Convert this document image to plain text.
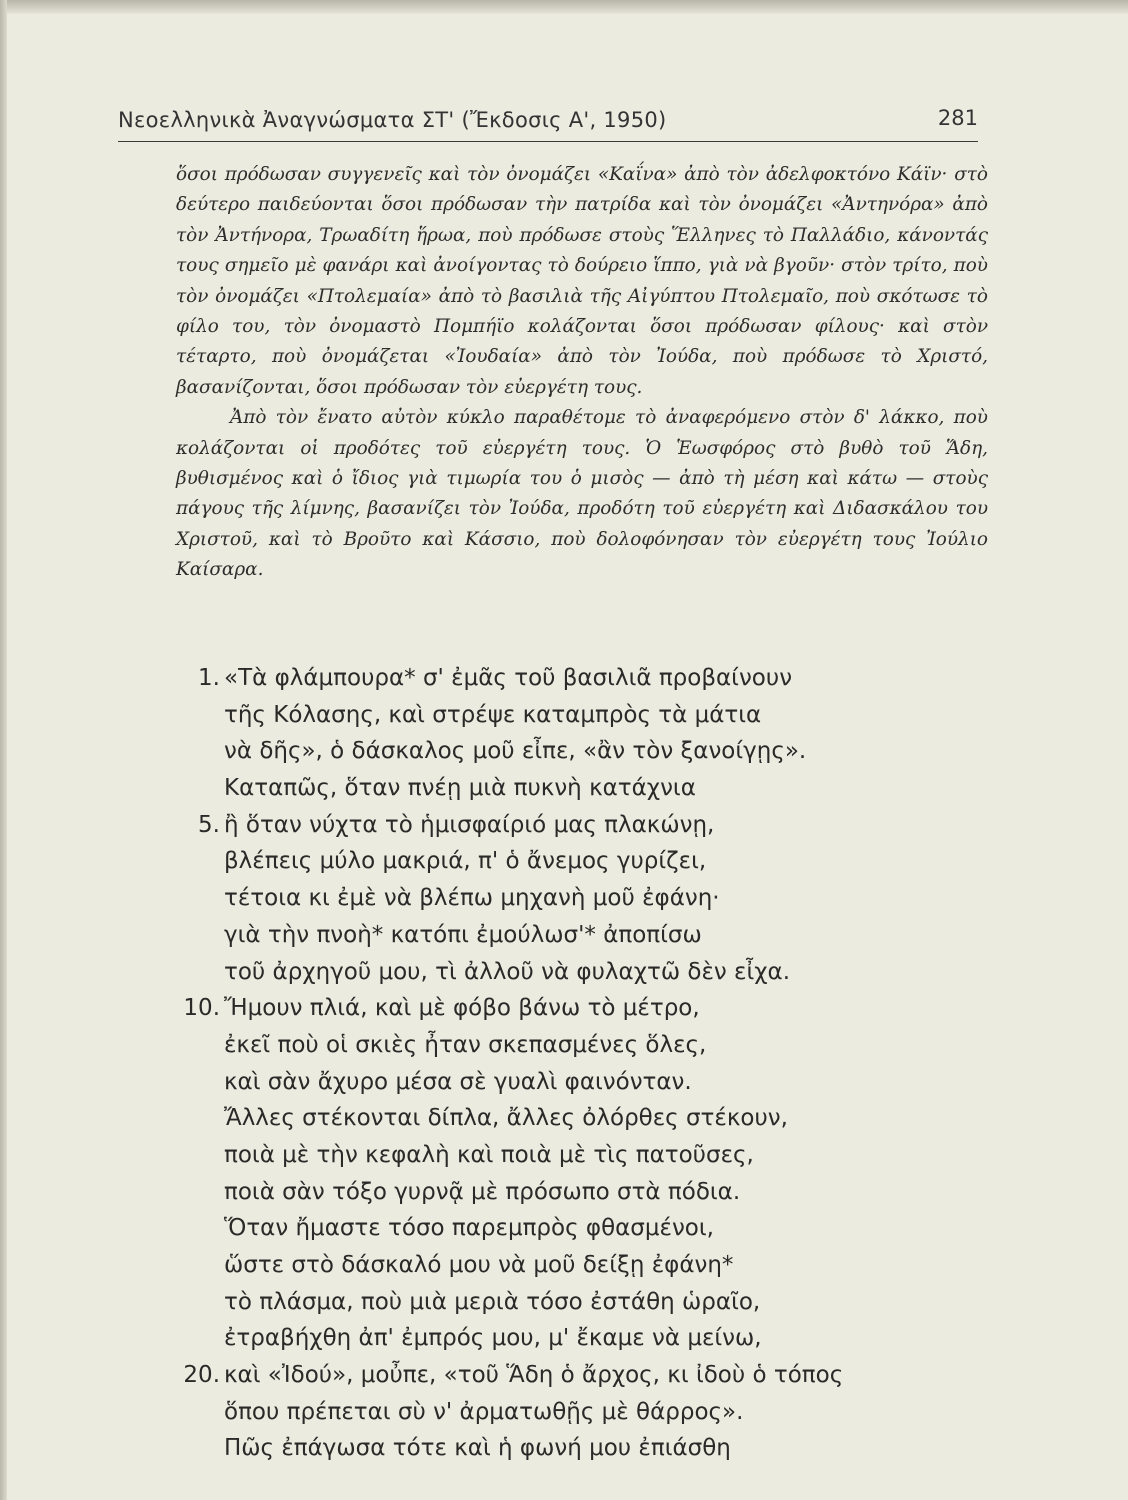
Νεοελληνικὰ Ἀναγνώσματα ΣΤ' (Ἔκδοσις Α', 1950)	281

ὅσοι πρόδωσαν συγγενεῖς καὶ τὸν ὀνομάζει «Καΐνα» ἀπὸ τὸν ἀδελφοκτόνο Κάϊν· στὸ δεύτερο παιδεύονται ὅσοι πρόδωσαν τὴν πατρίδα καὶ τὸν ὀνομάζει «Ἀντηνόρα» ἀπὸ τὸν Ἀντήνορα, Τρωαδίτη ἥρωα, ποὺ πρόδωσε στοὺς Ἕλληνες τὸ Παλλάδιο, κάνοντάς τους σημεῖο μὲ φανάρι καὶ ἀνοίγοντας τὸ δούρειο ἵππο, γιὰ νὰ βγοῦν· στὸν τρίτο, ποὺ τὸν ὀνομάζει «Πτολεμαία» ἀπὸ τὸ βασιλιὰ τῆς Αἰγύπτου Πτολεμαῖο, ποὺ σκότωσε τὸ φίλο του, τὸν ὀνομαστὸ Πομπήϊο κολάζονται ὅσοι πρόδωσαν φίλους· καὶ στὸν τέταρτο, ποὺ ὀνομάζεται «Ἰουδαία» ἀπὸ τὸν Ἰούδα, ποὺ πρόδωσε τὸ Χριστό, βασανίζονται, ὅσοι πρόδωσαν τὸν εὐεργέτη τους.

Ἀπὸ τὸν ἔνατο αὐτὸν κύκλο παραθέτομε τὸ ἀναφερόμενο στὸν δ' λάκκο, ποὺ κολάζονται οἱ προδότες τοῦ εὐεργέτη τους. Ὁ Ἑωσφόρος στὸ βυθὸ τοῦ Ἅδη, βυθισμένος καὶ ὁ ἴδιος γιὰ τιμωρία του ὁ μισὸς — ἀπὸ τὴ μέση καὶ κάτω — στοὺς πάγους τῆς λίμνης, βασανίζει τὸν Ἰούδα, προδότη τοῦ εὐεργέτη καὶ Διδασκάλου του Χριστοῦ, καὶ τὸ Βροῦτο καὶ Κάσσιο, ποὺ δολοφόνησαν τὸν εὐεργέτη τους Ἰούλιο Καίσαρα.

1. «Τὰ φλάμπουρα* σ' ἐμᾶς τοῦ βασιλιᾶ προβαίνουν
τῆς Κόλασης, καὶ στρέψε καταμπρὸς τὰ μάτια
νὰ δῆς», ὁ δάσκαλος μοῦ εἶπε, «ἂν τὸν ξανοίγῃς».
Καταπῶς, ὅταν πνέῃ μιὰ πυκνὴ κατάχνια
5. ἢ ὅταν νύχτα τὸ ἡμισφαίριό μας πλακώνῃ,
βλέπεις μύλο μακριά, π' ὁ ἄνεμος γυρίζει,
τέτοια κι ἐμὲ νὰ βλέπω μηχανὴ μοῦ ἐφάνη·
γιὰ τὴν πνοὴ* κατόπι ἐμούλωσ'* ἀποπίσω
τοῦ ἀρχηγοῦ μου, τὶ ἀλλοῦ νὰ φυλαχτῶ δὲν εἶχα.
10. Ἤμουν πλιά, καὶ μὲ φόβο βάνω τὸ μέτρο,
ἐκεῖ ποὺ οἱ σκιὲς ἦταν σκεπασμένες ὅλες,
καὶ σὰν ἄχυρο μέσα σὲ γυαλὶ φαινόνταν.
Ἄλλες στέκονται δίπλα, ἄλλες ὀλόρθες στέκουν,
ποιὰ μὲ τὴν κεφαλὴ καὶ ποιὰ μὲ τὶς πατοῦσες,
ποιὰ σὰν τόξο γυρνᾷ μὲ πρόσωπο στὰ πόδια.
Ὅταν ἤμαστε τόσο παρεμπρὸς φθασμένοι,
ὥστε στὸ δάσκαλό μου νὰ μοῦ δείξῃ ἐφάνη*
τὸ πλάσμα, ποὺ μιὰ μεριὰ τόσο ἐστάθη ὡραῖο,
ἐτραβήχθη ἀπ' ἐμπρός μου, μ' ἔκαμε νὰ μείνω,
20. καὶ «Ἰδού», μοὖπε, «τοῦ Ἅδη ὁ ἄρχος, κι ἰδοὺ ὁ τόπος
ὅπου πρέπεται σὺ ν' ἀρματωθῇς μὲ θάρρος».
Πῶς ἐπάγωσα τότε καὶ ἡ φωνή μου ἐπιάσθη
